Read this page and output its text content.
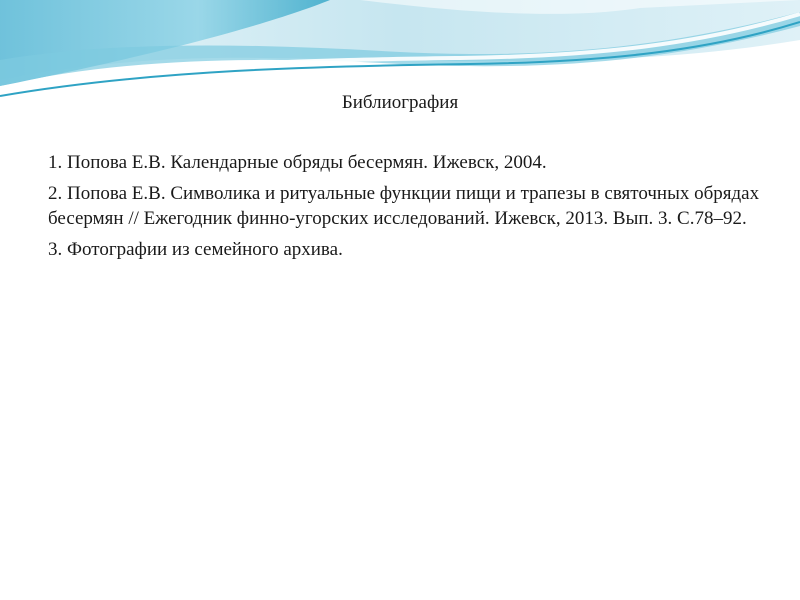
Библиография
1. Попова Е.В. Календарные обряды бесермян. Ижевск, 2004.
2. Попова Е.В. Символика и ритуальные функции пищи и трапезы в святочных обрядах бесермян // Ежегодник финно-угорских исследований. Ижевск, 2013. Вып. 3. С.78–92.
3. Фотографии из семейного архива.
